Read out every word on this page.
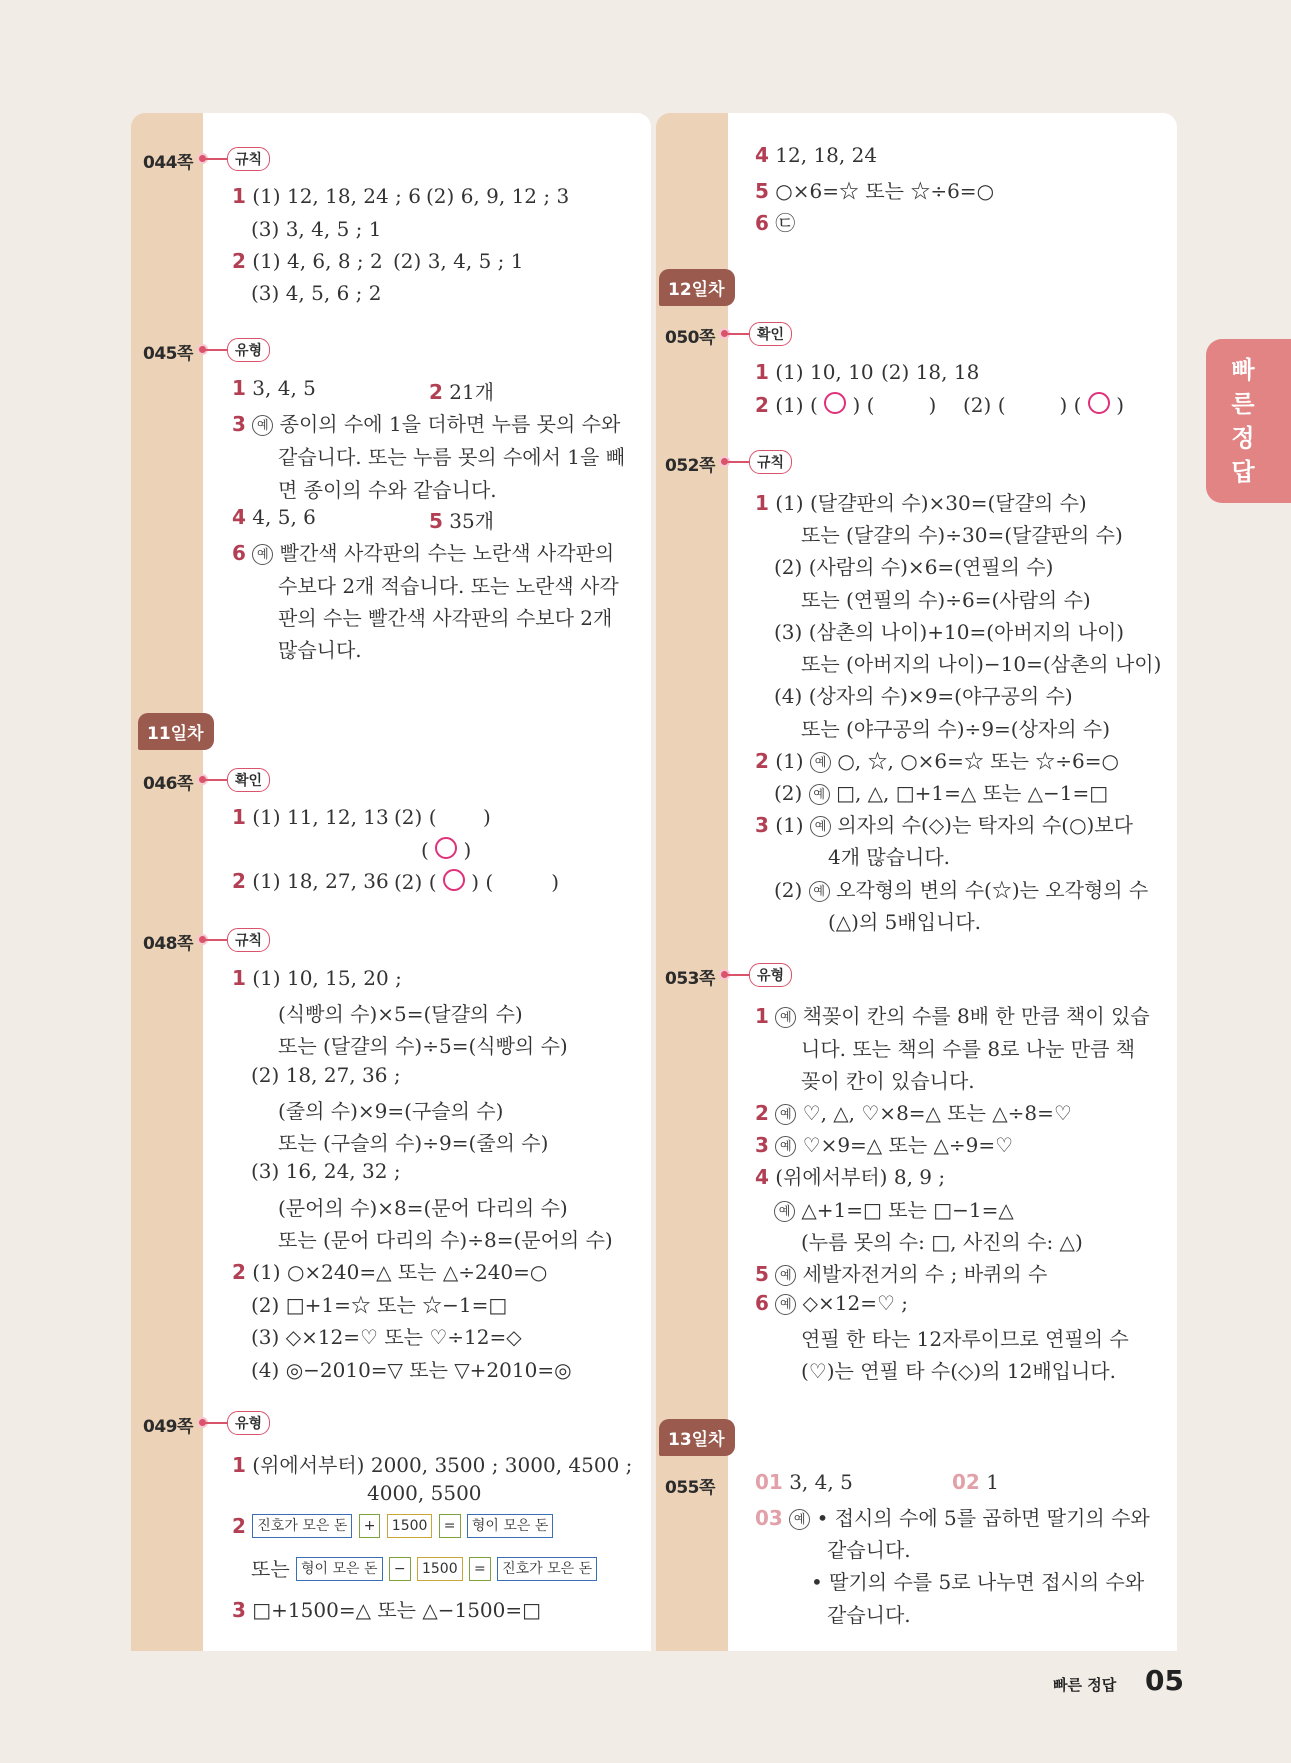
044쪽	규칙
1 (1) 12, 18, 24 ; 6 (2) 6, 9, 12 ; 3
(3) 3, 4, 5 ; 1
2 (1) 4, 6, 8 ; 2 (2) 3, 4, 5 ; 1
(3) 4, 5, 6 ; 2
045쪽	유형
1 3, 4, 5	2 21개
3 예 종이의 수에 1을 더하면 누름 못의 수와
같습니다. 또는 누름 못의 수에서 1을 빼
면 종이의 수와 같습니다.
4 4, 5, 6	5 35개
6 예 빨간색 사각판의 수는 노란색 사각판의
수보다 2개 적습니다. 또는 노란색 사각
판의 수는 빨간색 사각판의 수보다 2개
많습니다.
11일차
046쪽	확인
1 (1) 11, 12, 13 (2) ( )
( ○ )
2 (1) 18, 27, 36 (2) ( ○ ) (	)
048쪽	규칙
1 (1) 10, 15, 20 ;
(식빵의 수)×5=(달걀의 수)
또는 (달걀의 수)÷5=(식빵의 수)
(2) 18, 27, 36 ;
(줄의 수)×9=(구슬의 수)
또는 (구슬의 수)÷9=(줄의 수)
(3) 16, 24, 32 ;
(문어의 수)×8=(문어 다리의 수)
또는 (문어 다리의 수)÷8=(문어의 수)
2 (1) ○×240=△ 또는 △÷240=○
(2) □+1=☆ 또는 ☆−1=□
(3) ◇×12=♡ 또는 ♡÷12=◇
(4) ◎−2010=▽ 또는 ▽+2010=◎
049쪽	유형
1 (위에서부터) 2000, 3500 ; 3000, 4500 ;
4000, 5500
2 진호가 모은 돈 + 1500 = 형이 모은 돈
또는 형이 모은 돈 − 1500 = 진호가 모은 돈
3 □+1500=△ 또는 △−1500=□
4 12, 18, 24
5 ○×6=☆ 또는 ☆÷6=○
6 ㉢
12일차
050쪽	확인
1 (1) 10, 10 (2) 18, 18
2 (1) ( ○ ) (	) (2) (	) ( ○ )
052쪽	규칙
1 (1) (달걀판의 수)×30=(달걀의 수)
또는 (달걀의 수)÷30=(달걀판의 수)
(2) (사람의 수)×6=(연필의 수)
또는 (연필의 수)÷6=(사람의 수)
(3) (삼촌의 나이)+10=(아버지의 나이)
또는 (아버지의 나이)−10=(삼촌의 나이)
(4) (상자의 수)×9=(야구공의 수)
또는 (야구공의 수)÷9=(상자의 수)
2 (1) 예 ○, ☆, ○×6=☆ 또는 ☆÷6=○
(2) 예 □, △, □+1=△ 또는 △−1=□
3 (1) 예 의자의 수(◇)는 탁자의 수(○)보다
4개 많습니다.
(2) 예 오각형의 변의 수(☆)는 오각형의 수
(△)의 5배입니다.
053쪽	유형
1 예 책꽂이 칸의 수를 8배 한 만큼 책이 있습
니다. 또는 책의 수를 8로 나눈 만큼 책
꽂이 칸이 있습니다.
2 예 ♡, △, ♡×8=△ 또는 △÷8=♡
3 예 ♡×9=△ 또는 △÷9=♡
4 (위에서부터) 8, 9 ;
예 △+1=□ 또는 □−1=△
(누름 못의 수: □, 사진의 수: △)
5 예 세발자전거의 수 ; 바퀴의 수
6 예 ◇×12=♡ ;
연필 한 타는 12자루이므로 연필의 수
(♡)는 연필 타 수(◇)의 12배입니다.
13일차
055쪽 01 3, 4, 5	02 1
03 예 • 접시의 수에 5를 곱하면 딸기의 수와
같습니다.
• 딸기의 수를 5로 나누면 접시의 수와
같습니다.
빠른정답
빠른 정답 05
